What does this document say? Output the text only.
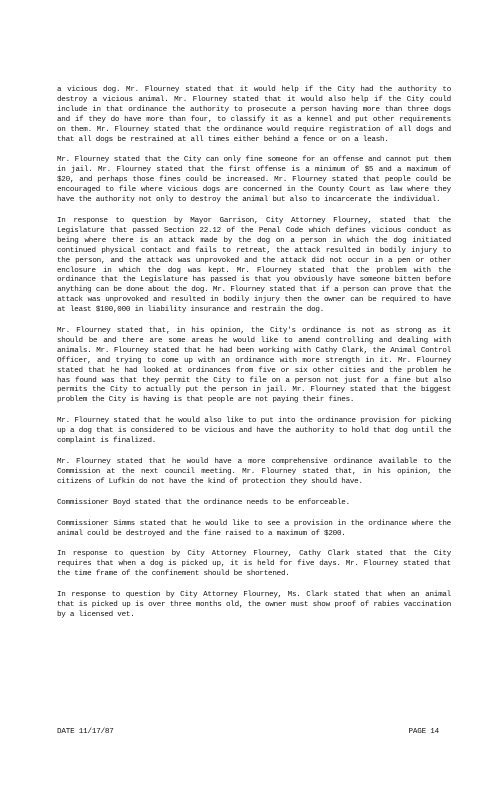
a vicious dog. Mr. Flourney stated that it would help if the City had the authority to destroy a vicious animal. Mr. Flourney stated that it would also help if the City could include in that ordinance the authority to prosecute a person having more than three dogs and if they do have more than four, to classify it as a kennel and put other requirements on them. Mr. Flourney stated that the ordinance would require registration of all dogs and that all dogs be restrained at all times either behind a fence or on a leash.

Mr. Flourney stated that the City can only fine someone for an offense and cannot put them in jail. Mr. Flourney stated that the first offense is a minimum of $5 and a maximum of $20, and perhaps those fines could be increased. Mr. Flourney stated that people could be encouraged to file where vicious dogs are concerned in the County Court as law where they have the authority not only to destroy the animal but also to incarcerate the individual.

In response to question by Mayor Garrison, City Attorney Flourney, stated that the Legislature that passed Section 22.12 of the Penal Code which defines vicious conduct as being where there is an attack made by the dog on a person in which the dog initiated continued physical contact and fails to retreat, the attack resulted in bodily injury to the person, and the attack was unprovoked and the attack did not occur in a pen or other enclosure in which the dog was kept. Mr. Flourney stated that the problem with the ordinance that the Legislature has passed is that you obviously have someone bitten before anything can be done about the dog. Mr. Flourney stated that if a person can prove that the attack was unprovoked and resulted in bodily injury then the owner can be required to have at least $100,000 in liability insurance and restrain the dog.

Mr. Flourney stated that, in his opinion, the City's ordinance is not as strong as it should be and there are some areas he would like to amend controlling and dealing with animals. Mr. Flourney stated that he had been working with Cathy Clark, the Animal Control Officer, and trying to come up with an ordinance with more strength in it. Mr. Flourney stated that he had looked at ordinances from five or six other cities and the problem he has found was that they permit the City to file on a person not just for a fine but also permits the City to actually put the person in jail. Mr. Flourney stated that the biggest problem the City is having is that people are not paying their fines.

Mr. Flourney stated that he would also like to put into the ordinance provision for picking up a dog that is considered to be vicious and have the authority to hold that dog until the complaint is finalized.

Mr. Flourney stated that he would have a more comprehensive ordinance available to the Commission at the next council meeting. Mr. Flourney stated that, in his opinion, the citizens of Lufkin do not have the kind of protection they should have.

Commissioner Boyd stated that the ordinance needs to be enforceable.

Commissioner Simms stated that he would like to see a provision in the ordinance where the animal could be destroyed and the fine raised to a maximum of $200.

In response to question by City Attorney Flourney, Cathy Clark stated that the City requires that when a dog is picked up, it is held for five days. Mr. Flourney stated that the time frame of the confinement should be shortened.

In response to question by City Attorney Flourney, Ms. Clark stated that when an animal that is picked up is over three months old, the owner must show proof of rabies vaccination by a licensed vet.

DATE 11/17/87	PAGE 14
